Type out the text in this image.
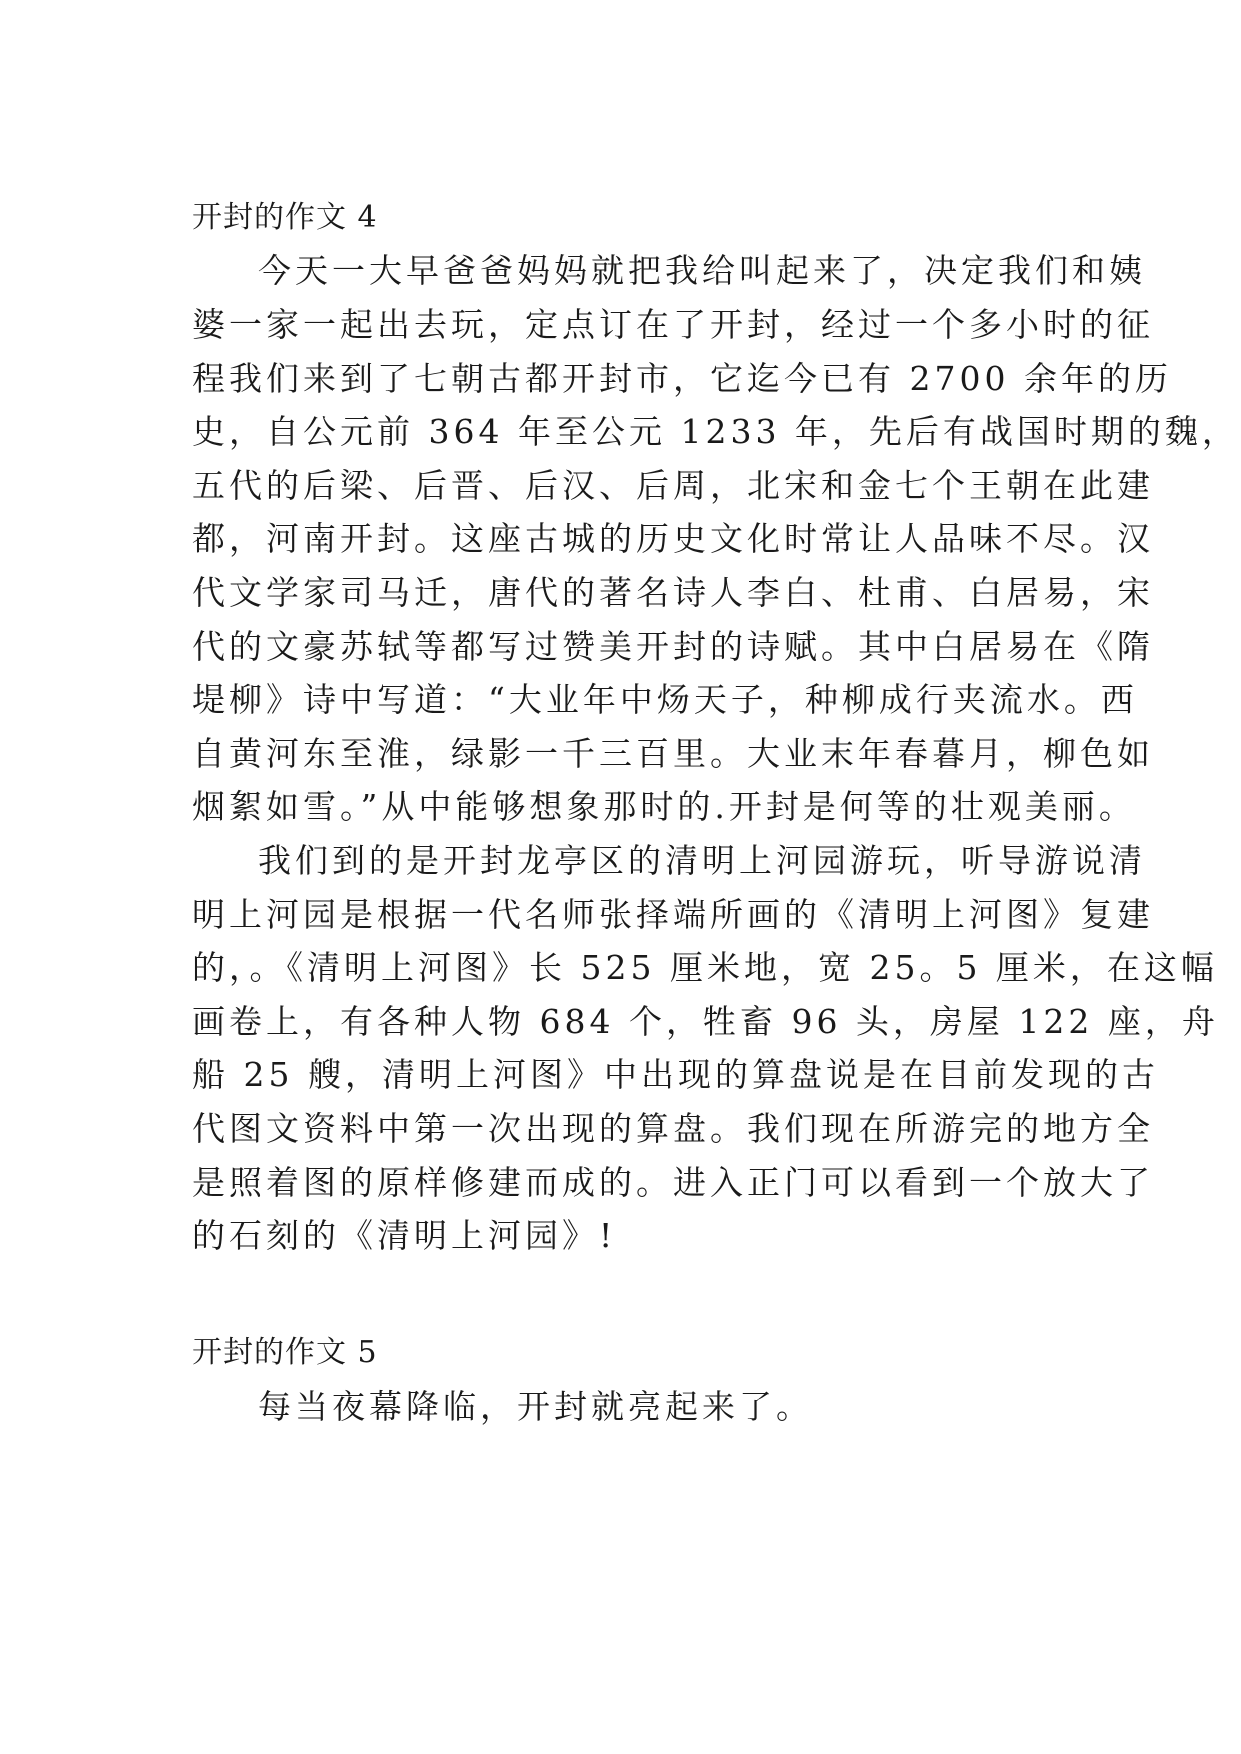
开封的作文 4
今天一大早爸爸妈妈就把我给叫起来了，决定我们和姨
婆一家一起出去玩，定点订在了开封，经过一个多小时的征
程我们来到了七朝古都开封市，它迄今已有 2700 余年的历
史，自公元前 364 年至公元 1233 年，先后有战国时期的魏，
五代的后梁、后晋、后汉、后周，北宋和金七个王朝在此建
都，河南开封。这座古城的历史文化时常让人品味不尽。汉
代文学家司马迁，唐代的著名诗人李白、杜甫、白居易，宋
代的文豪苏轼等都写过赞美开封的诗赋。其中白居易在《隋
堤柳》诗中写道：“大业年中炀天子，种柳成行夹流水。西
自黄河东至淮，绿影一千三百里。大业末年春暮月，柳色如
烟絮如雪。”从中能够想象那时的.开封是何等的壮观美丽。
我们到的是开封龙亭区的清明上河园游玩，听导游说清
明上河园是根据一代名师张择端所画的《清明上河图》复建
的，。《清明上河图》长 525 厘米地，宽 25。5 厘米，在这幅
画卷上，有各种人物 684 个，牲畜 96 头，房屋 122 座，舟
船 25 艘，清明上河图》中出现的算盘说是在目前发现的古
代图文资料中第一次出现的算盘。我们现在所游完的地方全
是照着图的原样修建而成的。进入正门可以看到一个放大了
的石刻的《清明上河园》!
开封的作文 5
每当夜幕降临，开封就亮起来了。
